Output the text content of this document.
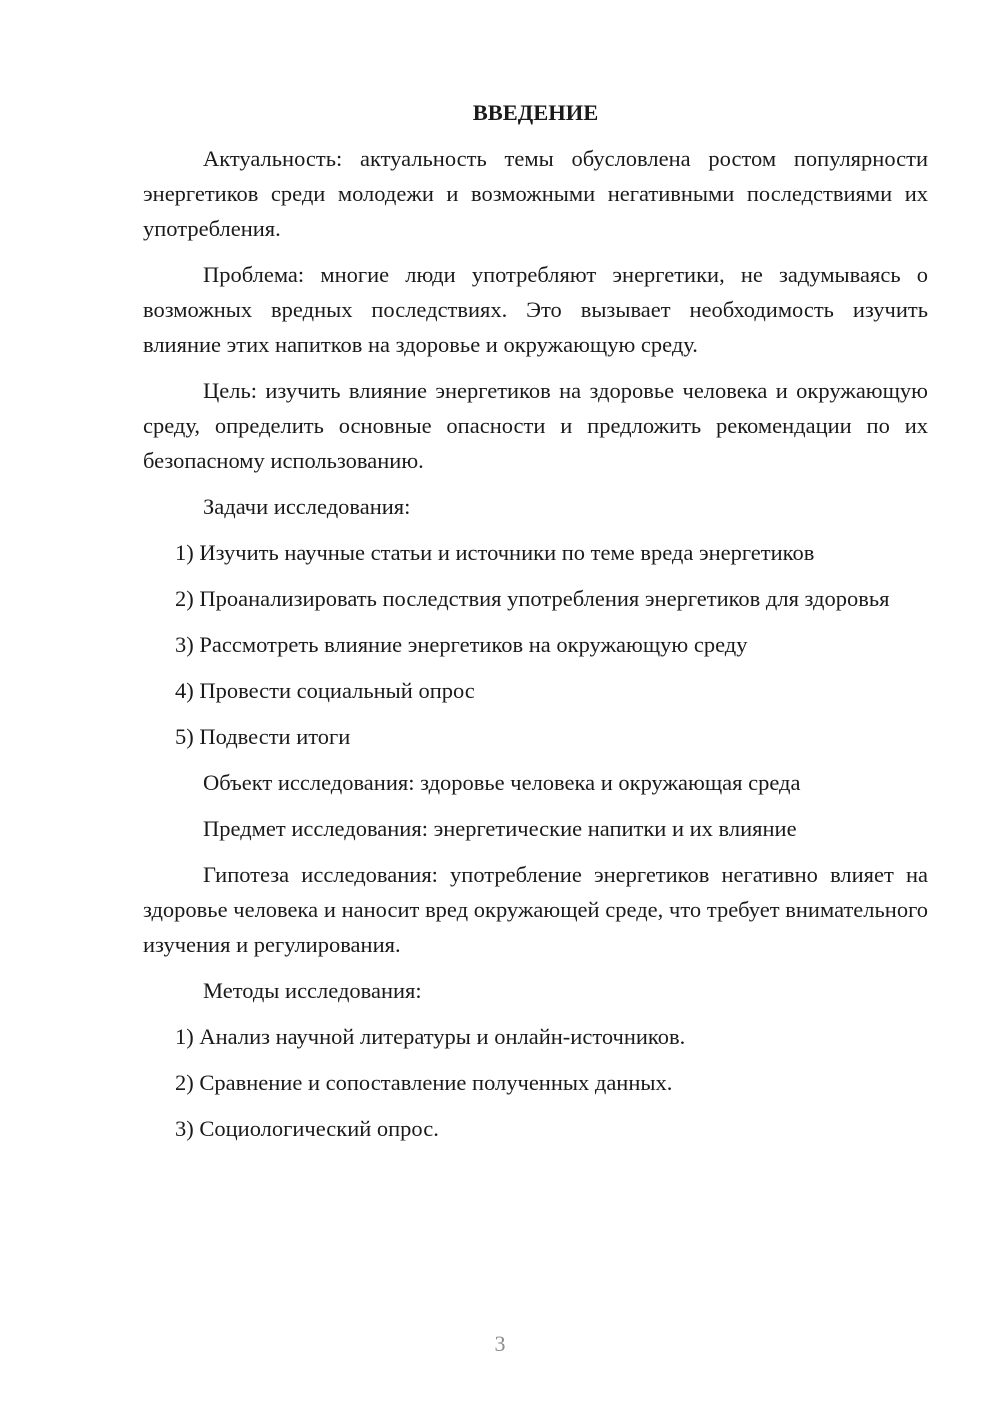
ВВЕДЕНИЕ

Актуальность: актуальность темы обусловлена ростом популярности энергетиков среди молодежи и возможными негативными последствиями их употребления.

Проблема: многие люди употребляют энергетики, не задумываясь о возможных вредных последствиях. Это вызывает необходимость изучить влияние этих напитков на здоровье и окружающую среду.

Цель: изучить влияние энергетиков на здоровье человека и окружающую среду, определить основные опасности и предложить рекомендации по их безопасному использованию.

Задачи исследования:

1) Изучить научные статьи и источники по теме вреда энергетиков

2) Проанализировать последствия употребления энергетиков для здоровья

3) Рассмотреть влияние энергетиков на окружающую среду

4) Провести социальный опрос

5) Подвести итоги

Объект исследования: здоровье человека и окружающая среда

Предмет исследования: энергетические напитки и их влияние

Гипотеза исследования: употребление энергетиков негативно влияет на здоровье человека и наносит вред окружающей среде, что требует внимательного изучения и регулирования.

Методы исследования:

1) Анализ научной литературы и онлайн-источников.

2) Сравнение и сопоставление полученных данных.

3) Социологический опрос.

3
